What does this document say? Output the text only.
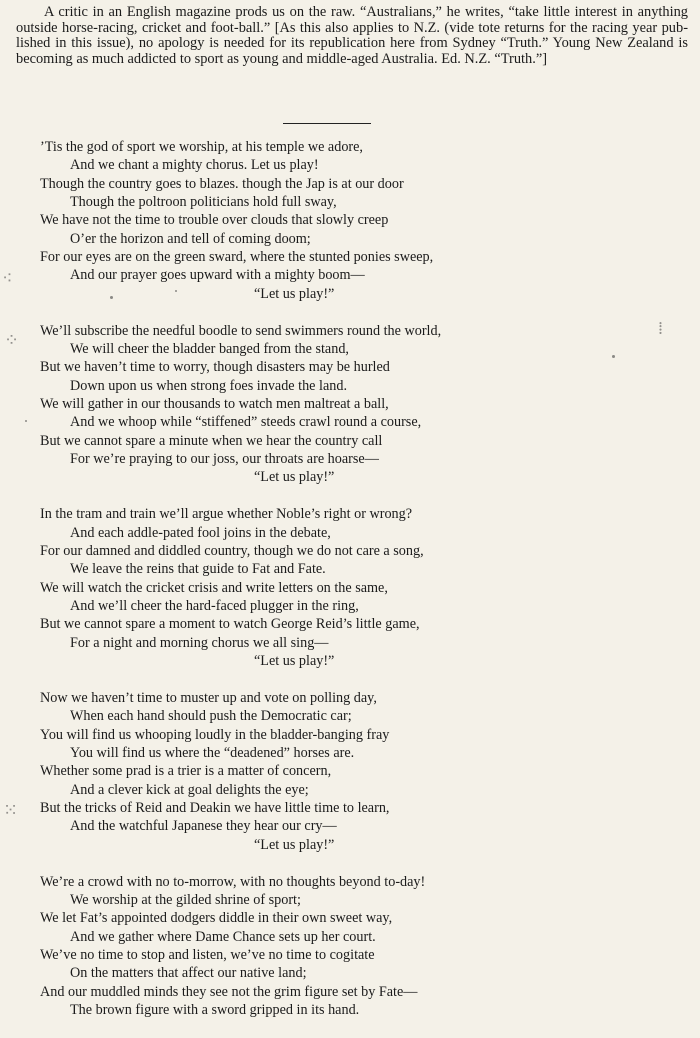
A critic in an English magazine prods us on the raw. “Australians,” he writes, “take little interest in anything outside horse-racing, cricket and foot-ball.” [As this also applies to N.Z. (vide tote returns for the racing year pub-lished in this issue), no apology is needed for its republication here from Sydney “Truth.” Young New Zealand is becoming as much addicted to sport as young and middle-aged Australia. Ed. N.Z. “Truth.”]

’Tis the god of sport we worship, at his temple we adore,
And we chant a mighty chorus. Let us play!
Though the country goes to blazes. though the Jap is at our door
Though the poltroon politicians hold full sway,
We have not the time to trouble over clouds that slowly creep
O’er the horizon and tell of coming doom;
For our eyes are on the green sward, where the stunted ponies sweep,
And our prayer goes upward with a mighty boom—
“Let us play!”
We’ll subscribe the needful boodle to send swimmers round the world,
We will cheer the bladder banged from the stand,
But we haven’t time to worry, though disasters may be hurled
Down upon us when strong foes invade the land.
We will gather in our thousands to watch men maltreat a ball,
And we whoop while “stiffened” steeds crawl round a course,
But we cannot spare a minute when we hear the country call
For we’re praying to our joss, our throats are hoarse—
“Let us play!”
In the tram and train we’ll argue whether Noble’s right or wrong?
And each addle-pated fool joins in the debate,
For our damned and diddled country, though we do not care a song,
We leave the reins that guide to Fat and Fate.
We will watch the cricket crisis and write letters on the same,
And we’ll cheer the hard-faced plugger in the ring,
But we cannot spare a moment to watch George Reid’s little game,
For a night and morning chorus we all sing—
“Let us play!”
Now we haven’t time to muster up and vote on polling day,
When each hand should push the Democratic car;
You will find us whooping loudly in the bladder-banging fray
You will find us where the “deadened” horses are.
Whether some prad is a trier is a matter of concern,
And a clever kick at goal delights the eye;
But the tricks of Reid and Deakin we have little time to learn,
And the watchful Japanese they hear our cry—
“Let us play!”
We’re a crowd with no to-morrow, with no thoughts beyond to-day!
We worship at the gilded shrine of sport;
We let Fat’s appointed dodgers diddle in their own sweet way,
And we gather where Dame Chance sets up her court.
We’ve no time to stop and listen, we’ve no time to cogitate
On the matters that affect our native land;
And our muddled minds they see not the grim figure set by Fate—
The brown figure with a sword gripped in its hand.
⁖
⁘
⁙
⁞
